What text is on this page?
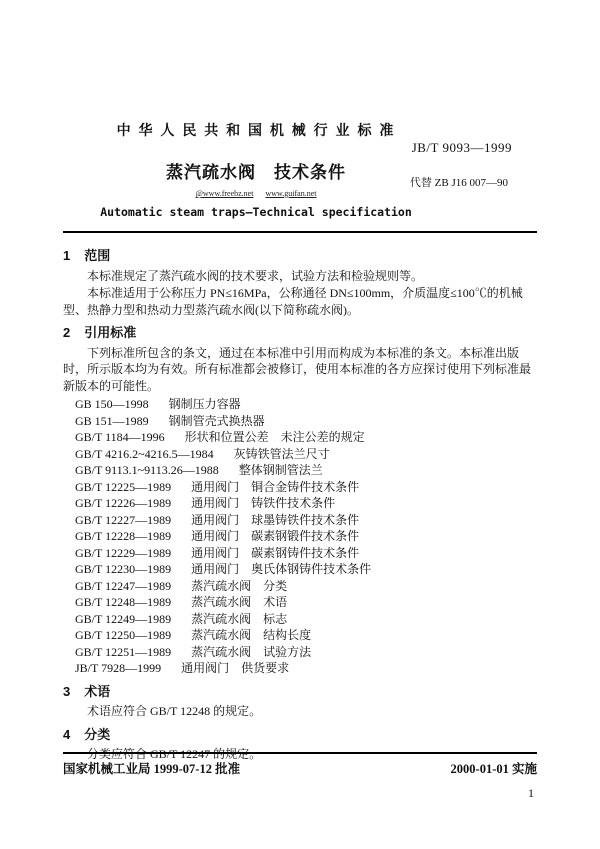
中 华 人 民 共 和 国 机 械 行 业 标 准
JB/T 9093—1999
蒸汽疏水阀　技术条件
代替 ZB J16 007—90
@www.freebz.net www.guifan.net
Automatic steam traps—Technical specification
1 范围

本标准规定了蒸汽疏水阀的技术要求，试验方法和检验规则等。

本标准适用于公称压力 PN≤16MPa，公称通径 DN≤100mm，介质温度≤100℃的机械型、热静力型和热动力型蒸汽疏水阀(以下简称疏水阀)。

2 引用标准

下列标准所包含的条文，通过在本标准中引用而构成为本标准的条文。本标准出版时，所示版本均为有效。所有标准都会被修订，使用本标准的各方应探讨使用下列标准最新版本的可能性。

GB 150—1998 钢制压力容器
GB 151—1989 钢制管壳式换热器
GB/T 1184—1996 形状和位置公差　未注公差的规定
GB/T 4216.2~4216.5—1984 灰铸铁管法兰尺寸
GB/T 9113.1~9113.26—1988 整体钢制管法兰
GB/T 12225—1989 通用阀门　铜合金铸件技术条件
GB/T 12226—1989 通用阀门　铸铁件技术条件
GB/T 12227—1989 通用阀门　球墨铸铁件技术条件
GB/T 12228—1989 通用阀门　碳素钢锻件技术条件
GB/T 12229—1989 通用阀门　碳素钢铸件技术条件
GB/T 12230—1989 通用阀门　奥氏体钢铸件技术条件
GB/T 12247—1989 蒸汽疏水阀　分类
GB/T 12248—1989 蒸汽疏水阀　术语
GB/T 12249—1989 蒸汽疏水阀　标志
GB/T 12250—1989 蒸汽疏水阀　结构长度
GB/T 12251—1989 蒸汽疏水阀　试验方法
JB/T 7928—1999 通用阀门　供货要求
3 术语

术语应符合 GB/T 12248 的规定。

4 分类

分类应符合 GB/T 12247 的规定。

国家机械工业局 1999-07-12 批准	2000-01-01 实施
1
